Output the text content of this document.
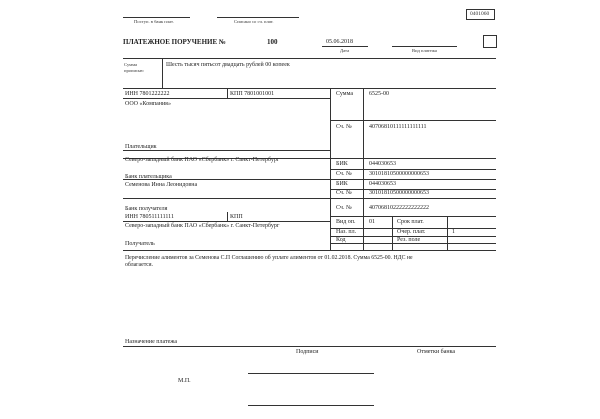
Поступ. в банк плат.	Списано со сч. плат.
0401060
ПЛАТЕЖНОЕ ПОРУЧЕНИЕ №	100	05.06.2018
Дата	Вид платежа
Сумма
прописью
Шесть тысяч пятьсот двадцать рублей 00 копеек
ИНН 7801222222	КПП 7801001001
ООО «Компания»
Плательщик
Сумма	6525-00
Сч. №	40706810111111111111
Северо-западный банк ПАО «Сбербанк» г. Санкт-Петербург
Банк плательщика
БИК	044030653
Сч. №	30101810500000000653
Семенова Инна Леонидовна	БИК	044030653
Сч. №	30101810500000000653
Банк получателя
ИНН 780511111111	КПП
Северо-западный банк ПАО «Сбербанк» г. Санкт-Петербург
Получатель
Сч. №	40706810222222222222
Вид оп. 01	Срок плат.
Наз. пл.	Очер. плат.	1
Код	Рез. поле
Перечисление алиментов за Семенова С.П Соглашению об уплате алиментов от 01.02.2018. Сумма 6525-00. НДС не
облагается.
Назначение платежа
Подписи	Отметки банка
М.П.
